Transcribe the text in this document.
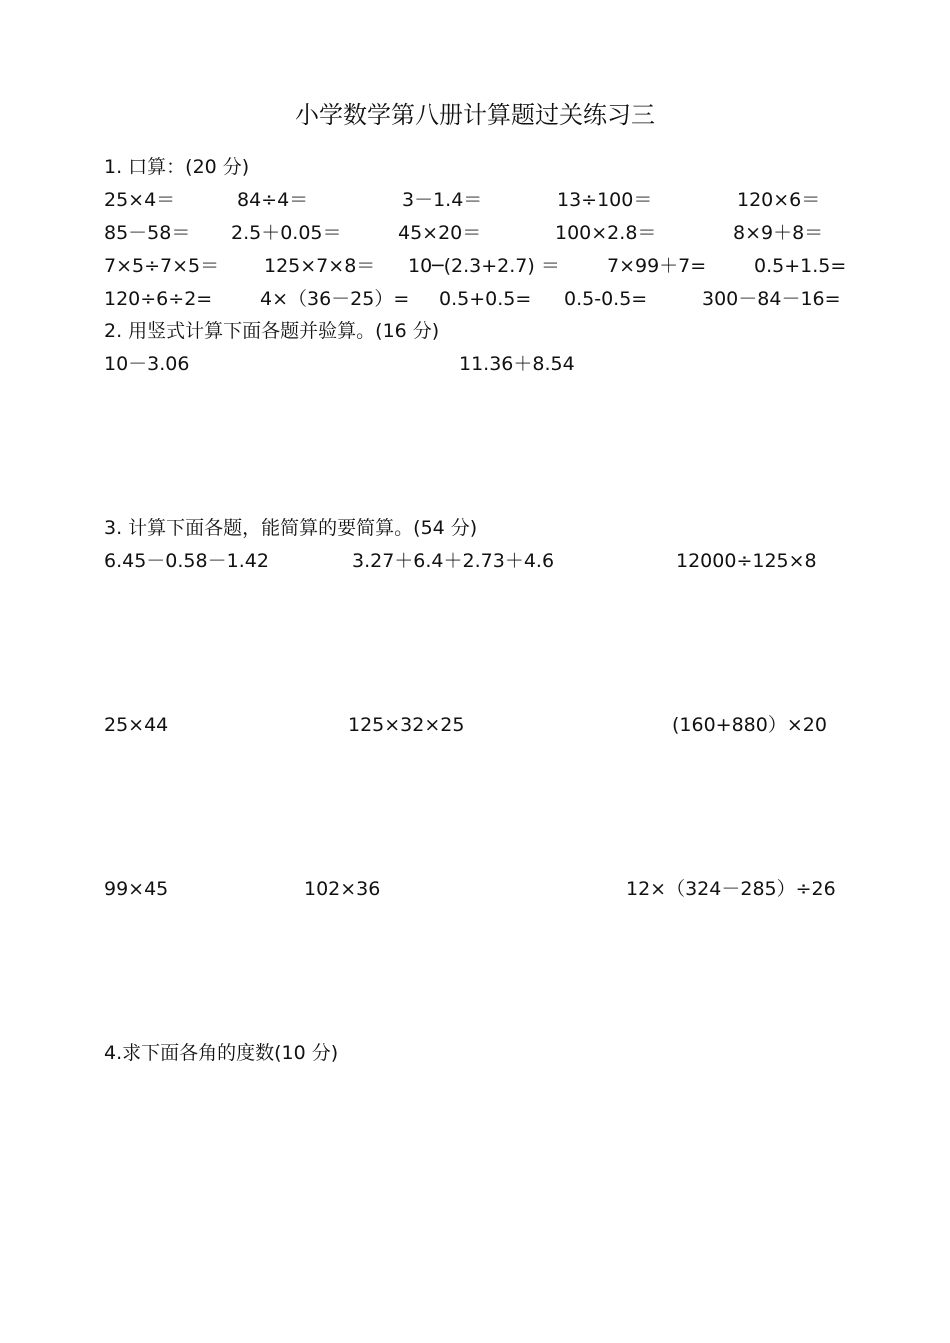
小学数学第八册计算题过关练习三
1. 口算：(20 分)
25×4＝	84÷4＝	3－1.4＝	13÷100＝	120×6＝
85－58＝ 2.5＋0.05＝	45×20＝	100×2.8＝	8×9＋8＝
7×5÷7×5＝ 125×7×8＝ 10─(2.3+2.7) ＝ 7×99＋7=	0.5+1.5=
120÷6÷2=	4×（36－25）= 0.5+0.5= 0.5-0.5=	300－84－16=
2. 用竖式计算下面各题并验算。(16 分)
10－3.06	11.36＋8.54
3. 计算下面各题，能简算的要简算。(54 分)
6.45－0.58－1.42	3.27＋6.4＋2.73＋4.6	12000÷125×8
25×44	125×32×25	(160+880）×20
99×45	102×36	12×（324－285）÷26
4.求下面各角的度数(10 分)
